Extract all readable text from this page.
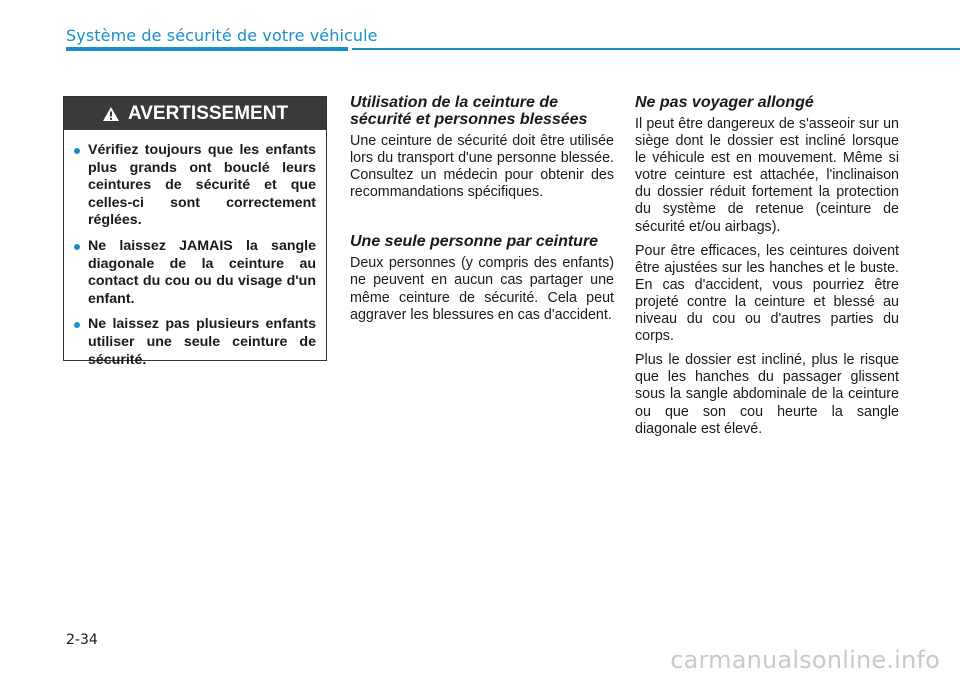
Système de sécurité de votre véhicule
AVERTISSEMENT
Vérifiez toujours que les enfants plus grands ont bouclé leurs ceintures de sécurité et que celles-ci sont correctement réglées.
Ne laissez JAMAIS la sangle diagonale de la ceinture au contact du cou ou du visage d'un enfant.
Ne laissez pas plusieurs enfants utiliser une seule ceinture de sécurité.
Utilisation de la ceinture de sécurité et personnes blessées

Une ceinture de sécurité doit être utilisée lors du transport d'une personne blessée. Consultez un médecin pour obtenir des recommandations spécifiques.

Une seule personne par ceinture

Deux personnes (y compris des enfants) ne peuvent en aucun cas partager une même ceinture de sécurité. Cela peut aggraver les blessures en cas d'accident.

Ne pas voyager allongé

Il peut être dangereux de s'asseoir sur un siège dont le dossier est incliné lorsque le véhicule est en mouvement. Même si votre ceinture est attachée, l'inclinaison du dossier réduit fortement la protection du système de retenue (ceinture de sécurité et/ou airbags).

Pour être efficaces, les ceintures doivent être ajustées sur les hanches et le buste. En cas d'accident, vous pourriez être projeté contre la ceinture et blessé au niveau du cou ou d'autres parties du corps.

Plus le dossier est incliné, plus le risque que les hanches du passager glissent sous la sangle abdominale de la ceinture ou que son cou heurte la sangle diagonale est élevé.

2-34
carmanualsonline.info
